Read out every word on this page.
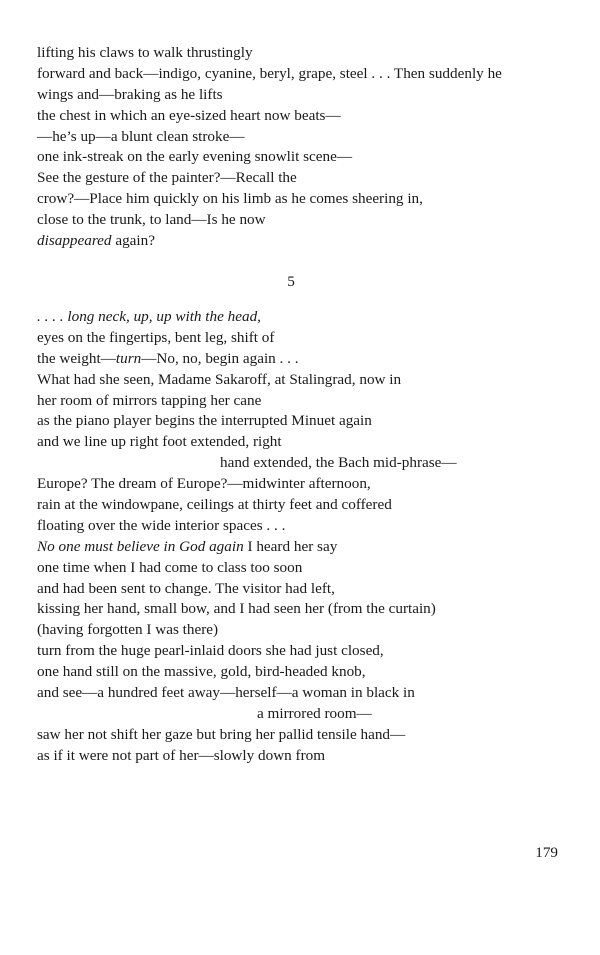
lifting his claws to walk thrustingly
forward and back—indigo, cyanine, beryl, grape, steel . . . Then suddenly he
wings and—braking as he lifts
the chest in which an eye-sized heart now beats—
—he’s up—a blunt clean stroke—
one ink-streak on the early evening snowlit scene—
See the gesture of the painter?—Recall the
crow?—Place him quickly on his limb as he comes sheering in,
close to the trunk, to land—Is he now
disappeared again?
5
. . . . long neck, up, up with the head,
eyes on the fingertips, bent leg, shift of
the weight—turn—No, no, begin again . . .
What had she seen, Madame Sakaroff, at Stalingrad, now in
her room of mirrors tapping her cane
as the piano player begins the interrupted Minuet again
and we line up right foot extended, right
hand extended, the Bach mid-phrase—
Europe? The dream of Europe?—midwinter afternoon,
rain at the windowpane, ceilings at thirty feet and coffered
floating over the wide interior spaces . . .
No one must believe in God again I heard her say
one time when I had come to class too soon
and had been sent to change. The visitor had left,
kissing her hand, small bow, and I had seen her (from the curtain)
(having forgotten I was there)
turn from the huge pearl-inlaid doors she had just closed,
one hand still on the massive, gold, bird-headed knob,
and see—a hundred feet away—herself—a woman in black in
a mirrored room—
saw her not shift her gaze but bring her pallid tensile hand—
as if it were not part of her—slowly down from
179
